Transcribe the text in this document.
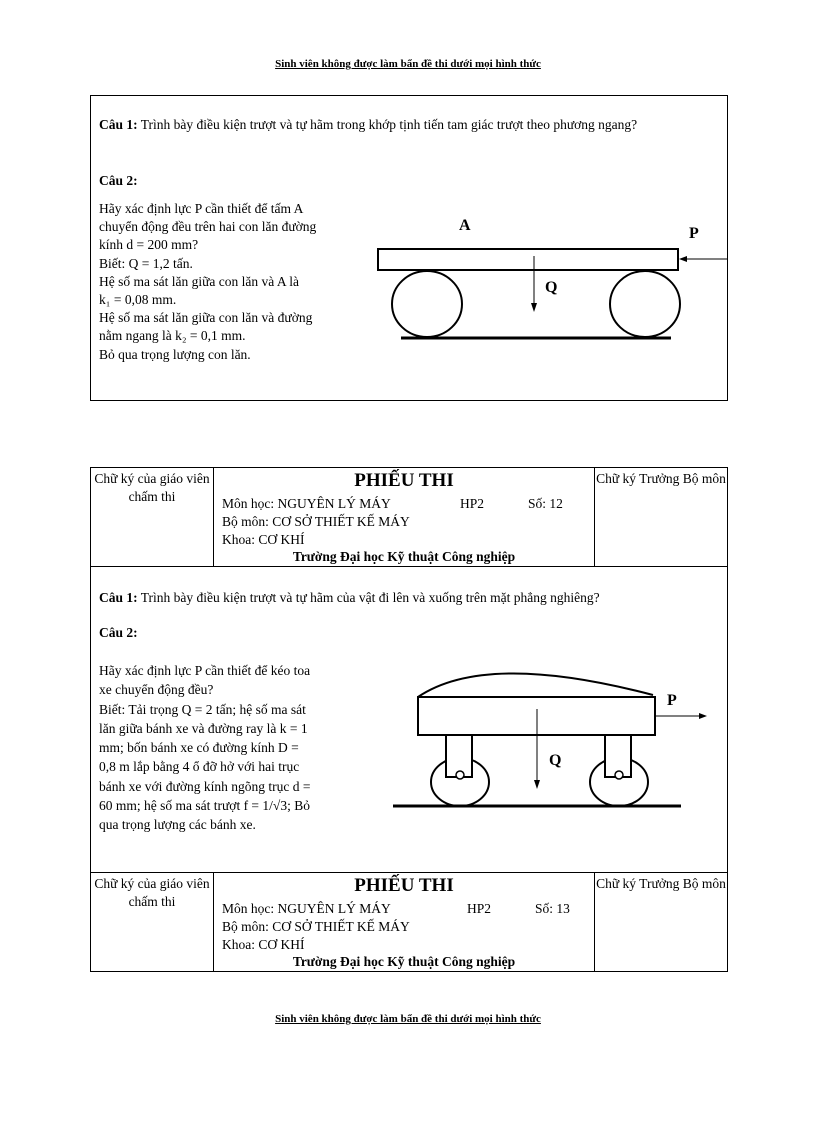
Sinh viên không được làm bẩn đề thi dưới mọi hình thức
Câu 1: Trình bày điều kiện trượt và tự hãm trong khớp tịnh tiến tam giác trượt theo phương ngang?
Câu 2:
Hãy xác định lực P cần thiết để tấm A
chuyển động đều trên hai con lăn đường
kính d = 200 mm?
Biết: Q = 1,2 tấn.
Hệ số ma sát lăn giữa con lăn và A là
k₁ = 0,08 mm.
Hệ số ma sát lăn giữa con lăn và đường
nằm ngang là k₂ = 0,1 mm.
Bỏ qua trọng lượng con lăn.
A	P
Q
Chữ ký của giáo viên chấm thi
PHIẾU THI
Môn học: NGUYÊN LÝ MÁY	HP2	Số: 12
Bộ môn: CƠ SỞ THIẾT KẾ MÁY
Khoa: CƠ KHÍ
Trường Đại học Kỹ thuật Công nghiệp
Chữ ký Trưởng Bộ môn
Câu 1: Trình bày điều kiện trượt và tự hãm của vật đi lên và xuống trên mặt phẳng nghiêng?
Câu 2:
Hãy xác định lực P cần thiết để kéo toa
xe chuyển động đều?
Biết: Tải trọng Q = 2 tấn; hệ số ma sát
lăn giữa bánh xe và đường ray là k = 1
mm; bốn bánh xe có đường kính D =
0,8 m lắp bằng 4 ổ đỡ hở với hai trục
bánh xe với đường kính ngõng trục d =
60 mm; hệ số ma sát trượt f = 1/√3; Bỏ
qua trọng lượng các bánh xe.
P
Q
Chữ ký của giáo viên chấm thi
PHIẾU THI
Môn học: NGUYÊN LÝ MÁY	HP2	Số: 13
Bộ môn: CƠ SỞ THIẾT KẾ MÁY
Khoa: CƠ KHÍ
Trường Đại học Kỹ thuật Công nghiệp
Chữ ký Trưởng Bộ môn
Sinh viên không được làm bẩn đề thi dưới mọi hình thức
